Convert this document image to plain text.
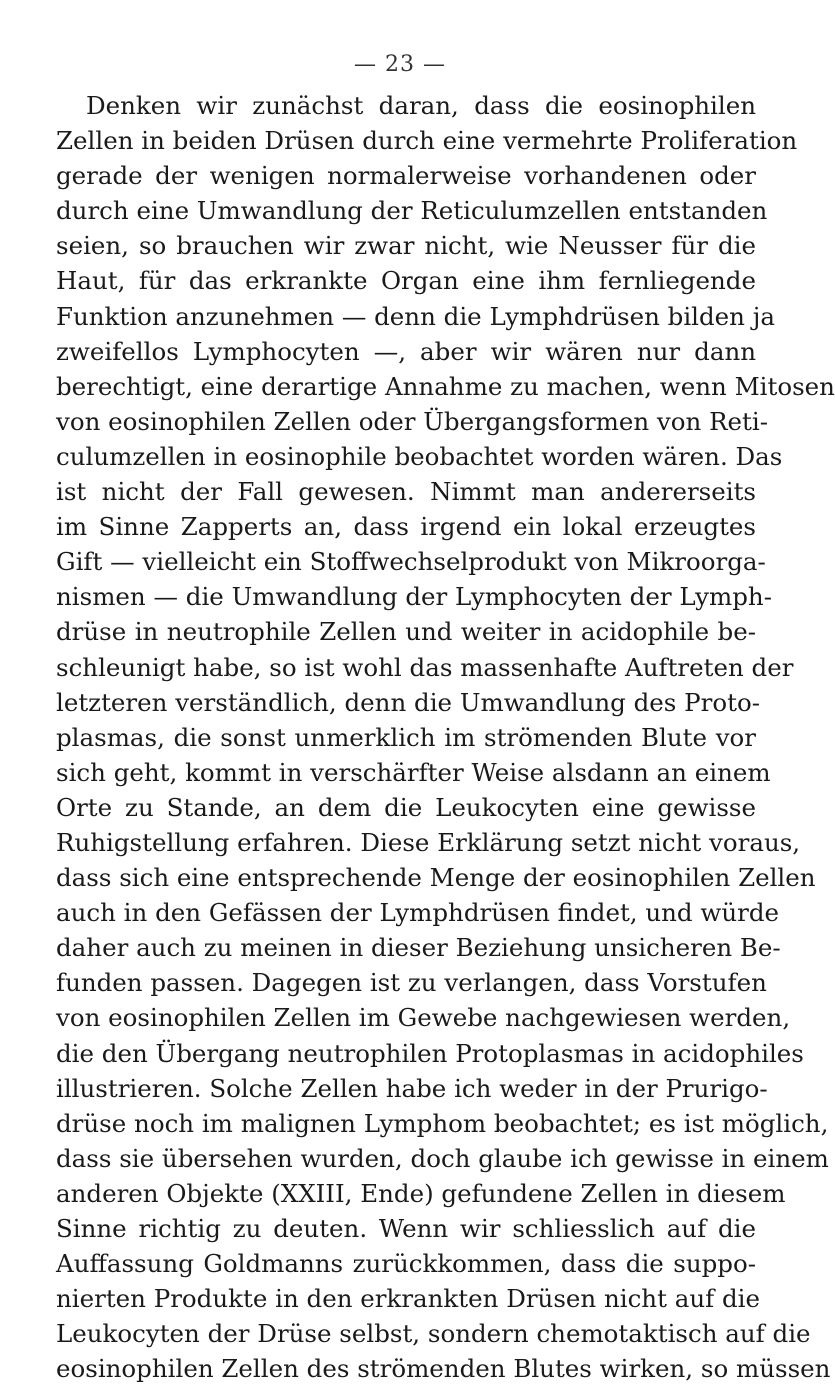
— 23 —
Denken wir zunächst daran, dass die eosinophilen
Zellen in beiden Drüsen durch eine vermehrte Proliferation
gerade der wenigen normalerweise vorhandenen oder
durch eine Umwandlung der Reticulumzellen entstanden
seien, so brauchen wir zwar nicht, wie Neusser für die
Haut, für das erkrankte Organ eine ihm fernliegende
Funktion anzunehmen — denn die Lymphdrüsen bilden ja
zweifellos Lymphocyten —, aber wir wären nur dann
berechtigt, eine derartige Annahme zu machen, wenn Mitosen
von eosinophilen Zellen oder Übergangsformen von Reti-
culumzellen in eosinophile beobachtet worden wären. Das
ist nicht der Fall gewesen. Nimmt man andererseits
im Sinne Zapperts an, dass irgend ein lokal erzeugtes
Gift — vielleicht ein Stoffwechselprodukt von Mikroorga-
nismen — die Umwandlung der Lymphocyten der Lymph-
drüse in neutrophile Zellen und weiter in acidophile be-
schleunigt habe, so ist wohl das massenhafte Auftreten der
letzteren verständlich, denn die Umwandlung des Proto-
plasmas, die sonst unmerklich im strömenden Blute vor
sich geht, kommt in verschärfter Weise alsdann an einem
Orte zu Stande, an dem die Leukocyten eine gewisse
Ruhigstellung erfahren. Diese Erklärung setzt nicht voraus,
dass sich eine entsprechende Menge der eosinophilen Zellen
auch in den Gefässen der Lymphdrüsen findet, und würde
daher auch zu meinen in dieser Beziehung unsicheren Be-
funden passen. Dagegen ist zu verlangen, dass Vorstufen
von eosinophilen Zellen im Gewebe nachgewiesen werden,
die den Übergang neutrophilen Protoplasmas in acidophiles
illustrieren. Solche Zellen habe ich weder in der Prurigo-
drüse noch im malignen Lymphom beobachtet; es ist möglich,
dass sie übersehen wurden, doch glaube ich gewisse in einem
anderen Objekte (XXIII, Ende) gefundene Zellen in diesem
Sinne richtig zu deuten. Wenn wir schliesslich auf die
Auffassung Goldmanns zurückkommen, dass die suppo-
nierten Produkte in den erkrankten Drüsen nicht auf die
Leukocyten der Drüse selbst, sondern chemotaktisch auf die
eosinophilen Zellen des strömenden Blutes wirken, so müssen
